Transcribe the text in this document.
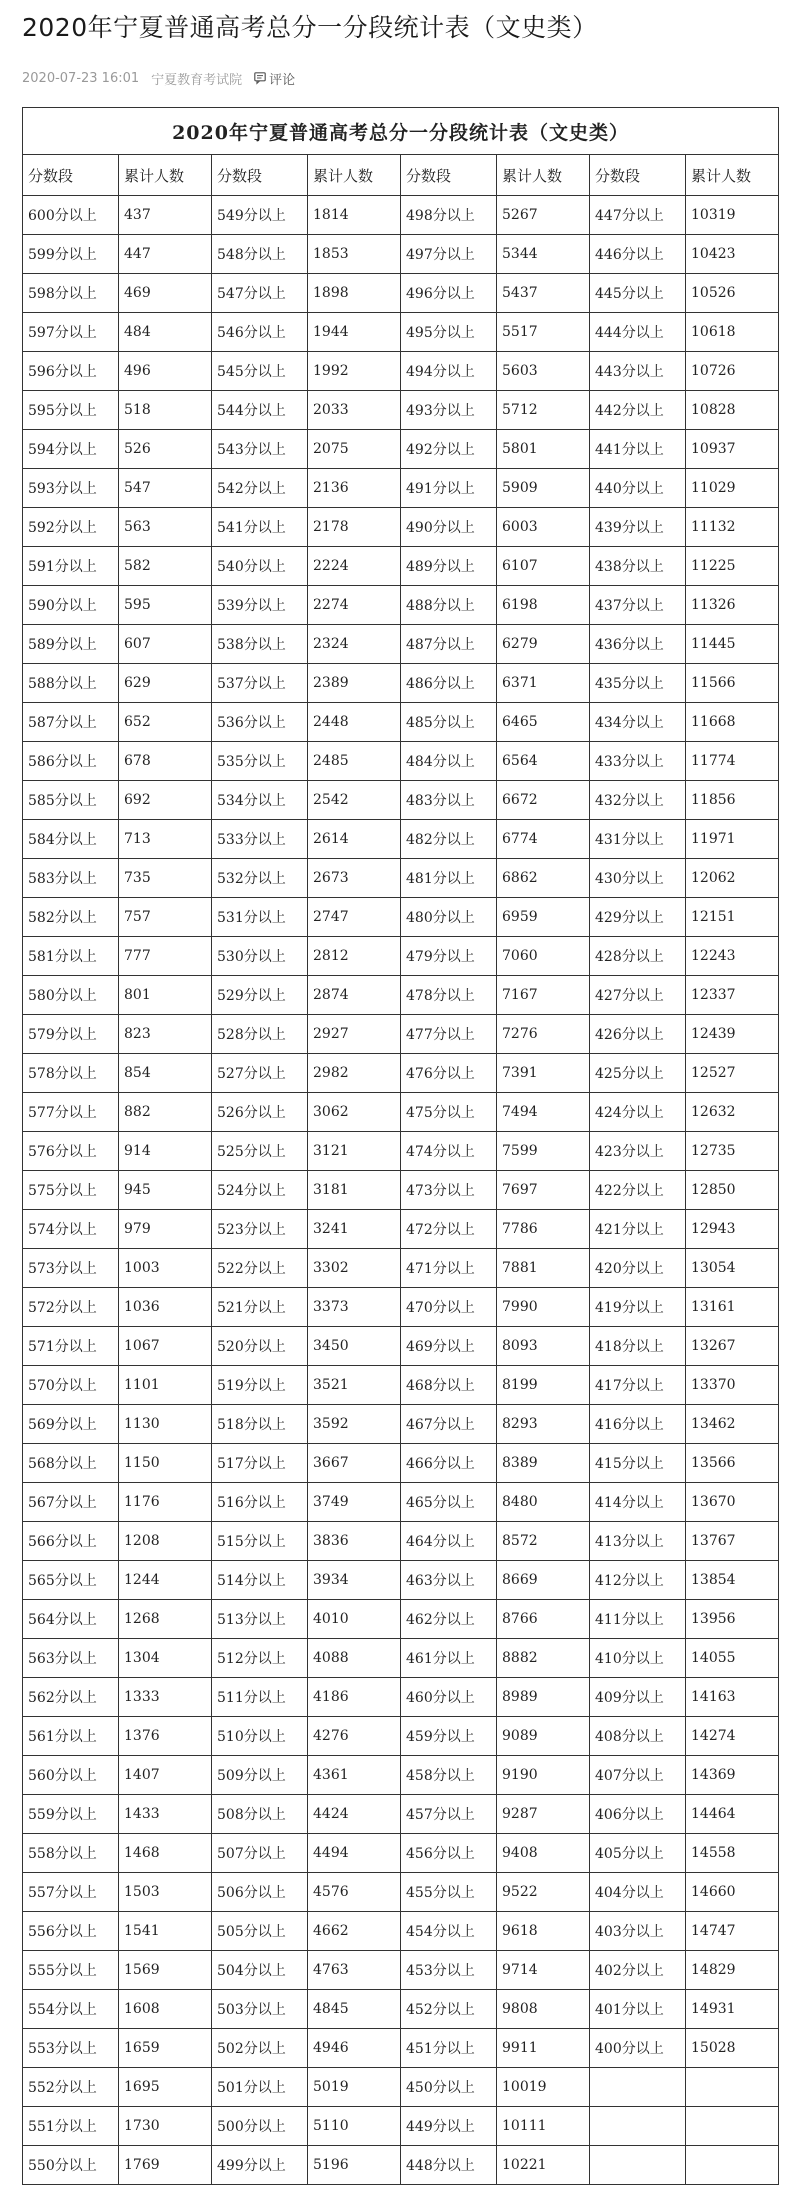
2020年宁夏普通高考总分一分段统计表（文史类）
2020-07-23 16:01 宁夏教育考试院 评论
2020年宁夏普通高考总分一分段统计表（文史类）							
分数段	累计人数	分数段	累计人数	分数段	累计人数	分数段	累计人数
600分以上	437	549分以上	1814	498分以上	5267	447分以上	10319
599分以上	447	548分以上	1853	497分以上	5344	446分以上	10423
598分以上	469	547分以上	1898	496分以上	5437	445分以上	10526
597分以上	484	546分以上	1944	495分以上	5517	444分以上	10618
596分以上	496	545分以上	1992	494分以上	5603	443分以上	10726
595分以上	518	544分以上	2033	493分以上	5712	442分以上	10828
594分以上	526	543分以上	2075	492分以上	5801	441分以上	10937
593分以上	547	542分以上	2136	491分以上	5909	440分以上	11029
592分以上	563	541分以上	2178	490分以上	6003	439分以上	11132
591分以上	582	540分以上	2224	489分以上	6107	438分以上	11225
590分以上	595	539分以上	2274	488分以上	6198	437分以上	11326
589分以上	607	538分以上	2324	487分以上	6279	436分以上	11445
588分以上	629	537分以上	2389	486分以上	6371	435分以上	11566
587分以上	652	536分以上	2448	485分以上	6465	434分以上	11668
586分以上	678	535分以上	2485	484分以上	6564	433分以上	11774
585分以上	692	534分以上	2542	483分以上	6672	432分以上	11856
584分以上	713	533分以上	2614	482分以上	6774	431分以上	11971
583分以上	735	532分以上	2673	481分以上	6862	430分以上	12062
582分以上	757	531分以上	2747	480分以上	6959	429分以上	12151
581分以上	777	530分以上	2812	479分以上	7060	428分以上	12243
580分以上	801	529分以上	2874	478分以上	7167	427分以上	12337
579分以上	823	528分以上	2927	477分以上	7276	426分以上	12439
578分以上	854	527分以上	2982	476分以上	7391	425分以上	12527
577分以上	882	526分以上	3062	475分以上	7494	424分以上	12632
576分以上	914	525分以上	3121	474分以上	7599	423分以上	12735
575分以上	945	524分以上	3181	473分以上	7697	422分以上	12850
574分以上	979	523分以上	3241	472分以上	7786	421分以上	12943
573分以上	1003	522分以上	3302	471分以上	7881	420分以上	13054
572分以上	1036	521分以上	3373	470分以上	7990	419分以上	13161
571分以上	1067	520分以上	3450	469分以上	8093	418分以上	13267
570分以上	1101	519分以上	3521	468分以上	8199	417分以上	13370
569分以上	1130	518分以上	3592	467分以上	8293	416分以上	13462
568分以上	1150	517分以上	3667	466分以上	8389	415分以上	13566
567分以上	1176	516分以上	3749	465分以上	8480	414分以上	13670
566分以上	1208	515分以上	3836	464分以上	8572	413分以上	13767
565分以上	1244	514分以上	3934	463分以上	8669	412分以上	13854
564分以上	1268	513分以上	4010	462分以上	8766	411分以上	13956
563分以上	1304	512分以上	4088	461分以上	8882	410分以上	14055
562分以上	1333	511分以上	4186	460分以上	8989	409分以上	14163
561分以上	1376	510分以上	4276	459分以上	9089	408分以上	14274
560分以上	1407	509分以上	4361	458分以上	9190	407分以上	14369
559分以上	1433	508分以上	4424	457分以上	9287	406分以上	14464
558分以上	1468	507分以上	4494	456分以上	9408	405分以上	14558
557分以上	1503	506分以上	4576	455分以上	9522	404分以上	14660
556分以上	1541	505分以上	4662	454分以上	9618	403分以上	14747
555分以上	1569	504分以上	4763	453分以上	9714	402分以上	14829
554分以上	1608	503分以上	4845	452分以上	9808	401分以上	14931
553分以上	1659	502分以上	4946	451分以上	9911	400分以上	15028
552分以上	1695	501分以上	5019	450分以上	10019		
551分以上	1730	500分以上	5110	449分以上	10111		
550分以上	1769	499分以上	5196	448分以上	10221		
